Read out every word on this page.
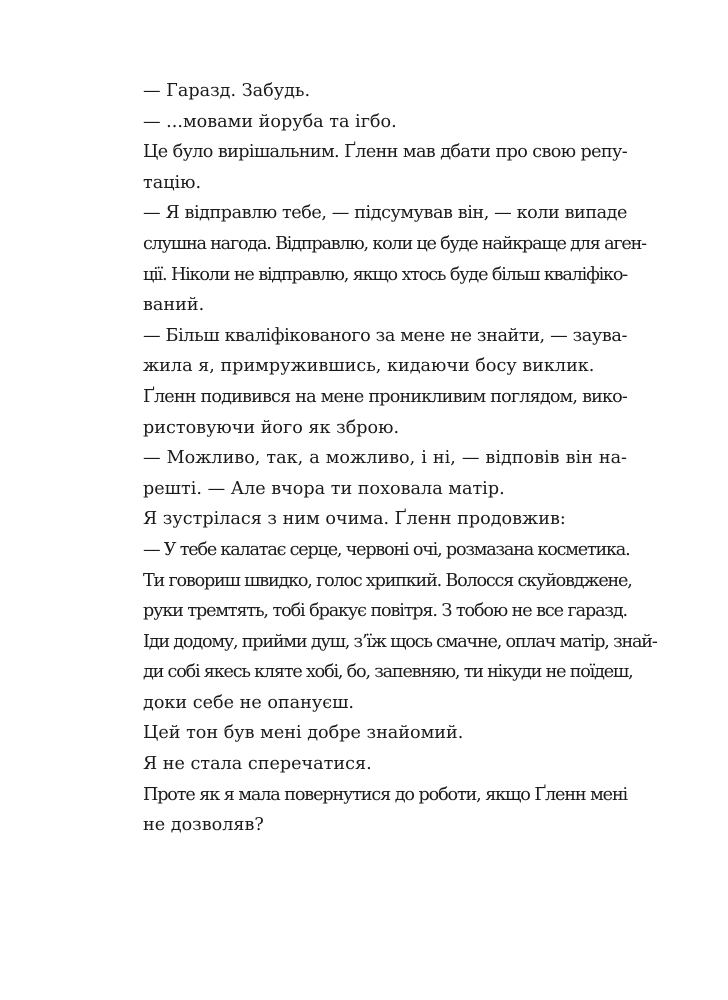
— Гаразд. Забудь.
— ...мовами йоруба та ігбо.
Це було вирішальним. Ґленн мав дбати про свою репу-
тацію.
— Я відправлю тебе, — підсумував він, — коли випаде
слушна нагода. Відправлю, коли це буде найкраще для аген-
ції. Ніколи не відправлю, якщо хтось буде більш кваліфіко-
ваний.
— Більш кваліфікованого за мене не знайти, — заува-
жила я, примружившись, кидаючи босу виклик.
Ґленн подивився на мене проникливим поглядом, вико-
ристовуючи його як зброю.
— Можливо, так, а можливо, і ні, — відповів він на-
решті. — Але вчора ти поховала матір.
Я зустрілася з ним очима. Ґленн продовжив:
— У тебе калатає серце, червоні очі, розмазана косметика.
Ти говориш швидко, голос хрипкий. Волосся скуйовджене,
руки тремтять, тобі бракує повітря. З тобою не все гаразд.
Іди додому, прийми душ, з’їж щось смачне, оплач матір, знай-
ди собі якесь кляте хобі, бо, запевняю, ти нікуди не поїдеш,
доки себе не опануєш.
Цей тон був мені добре знайомий.
Я не стала сперечатися.
Проте як я мала повернутися до роботи, якщо Ґленн мені
не дозволяв?
